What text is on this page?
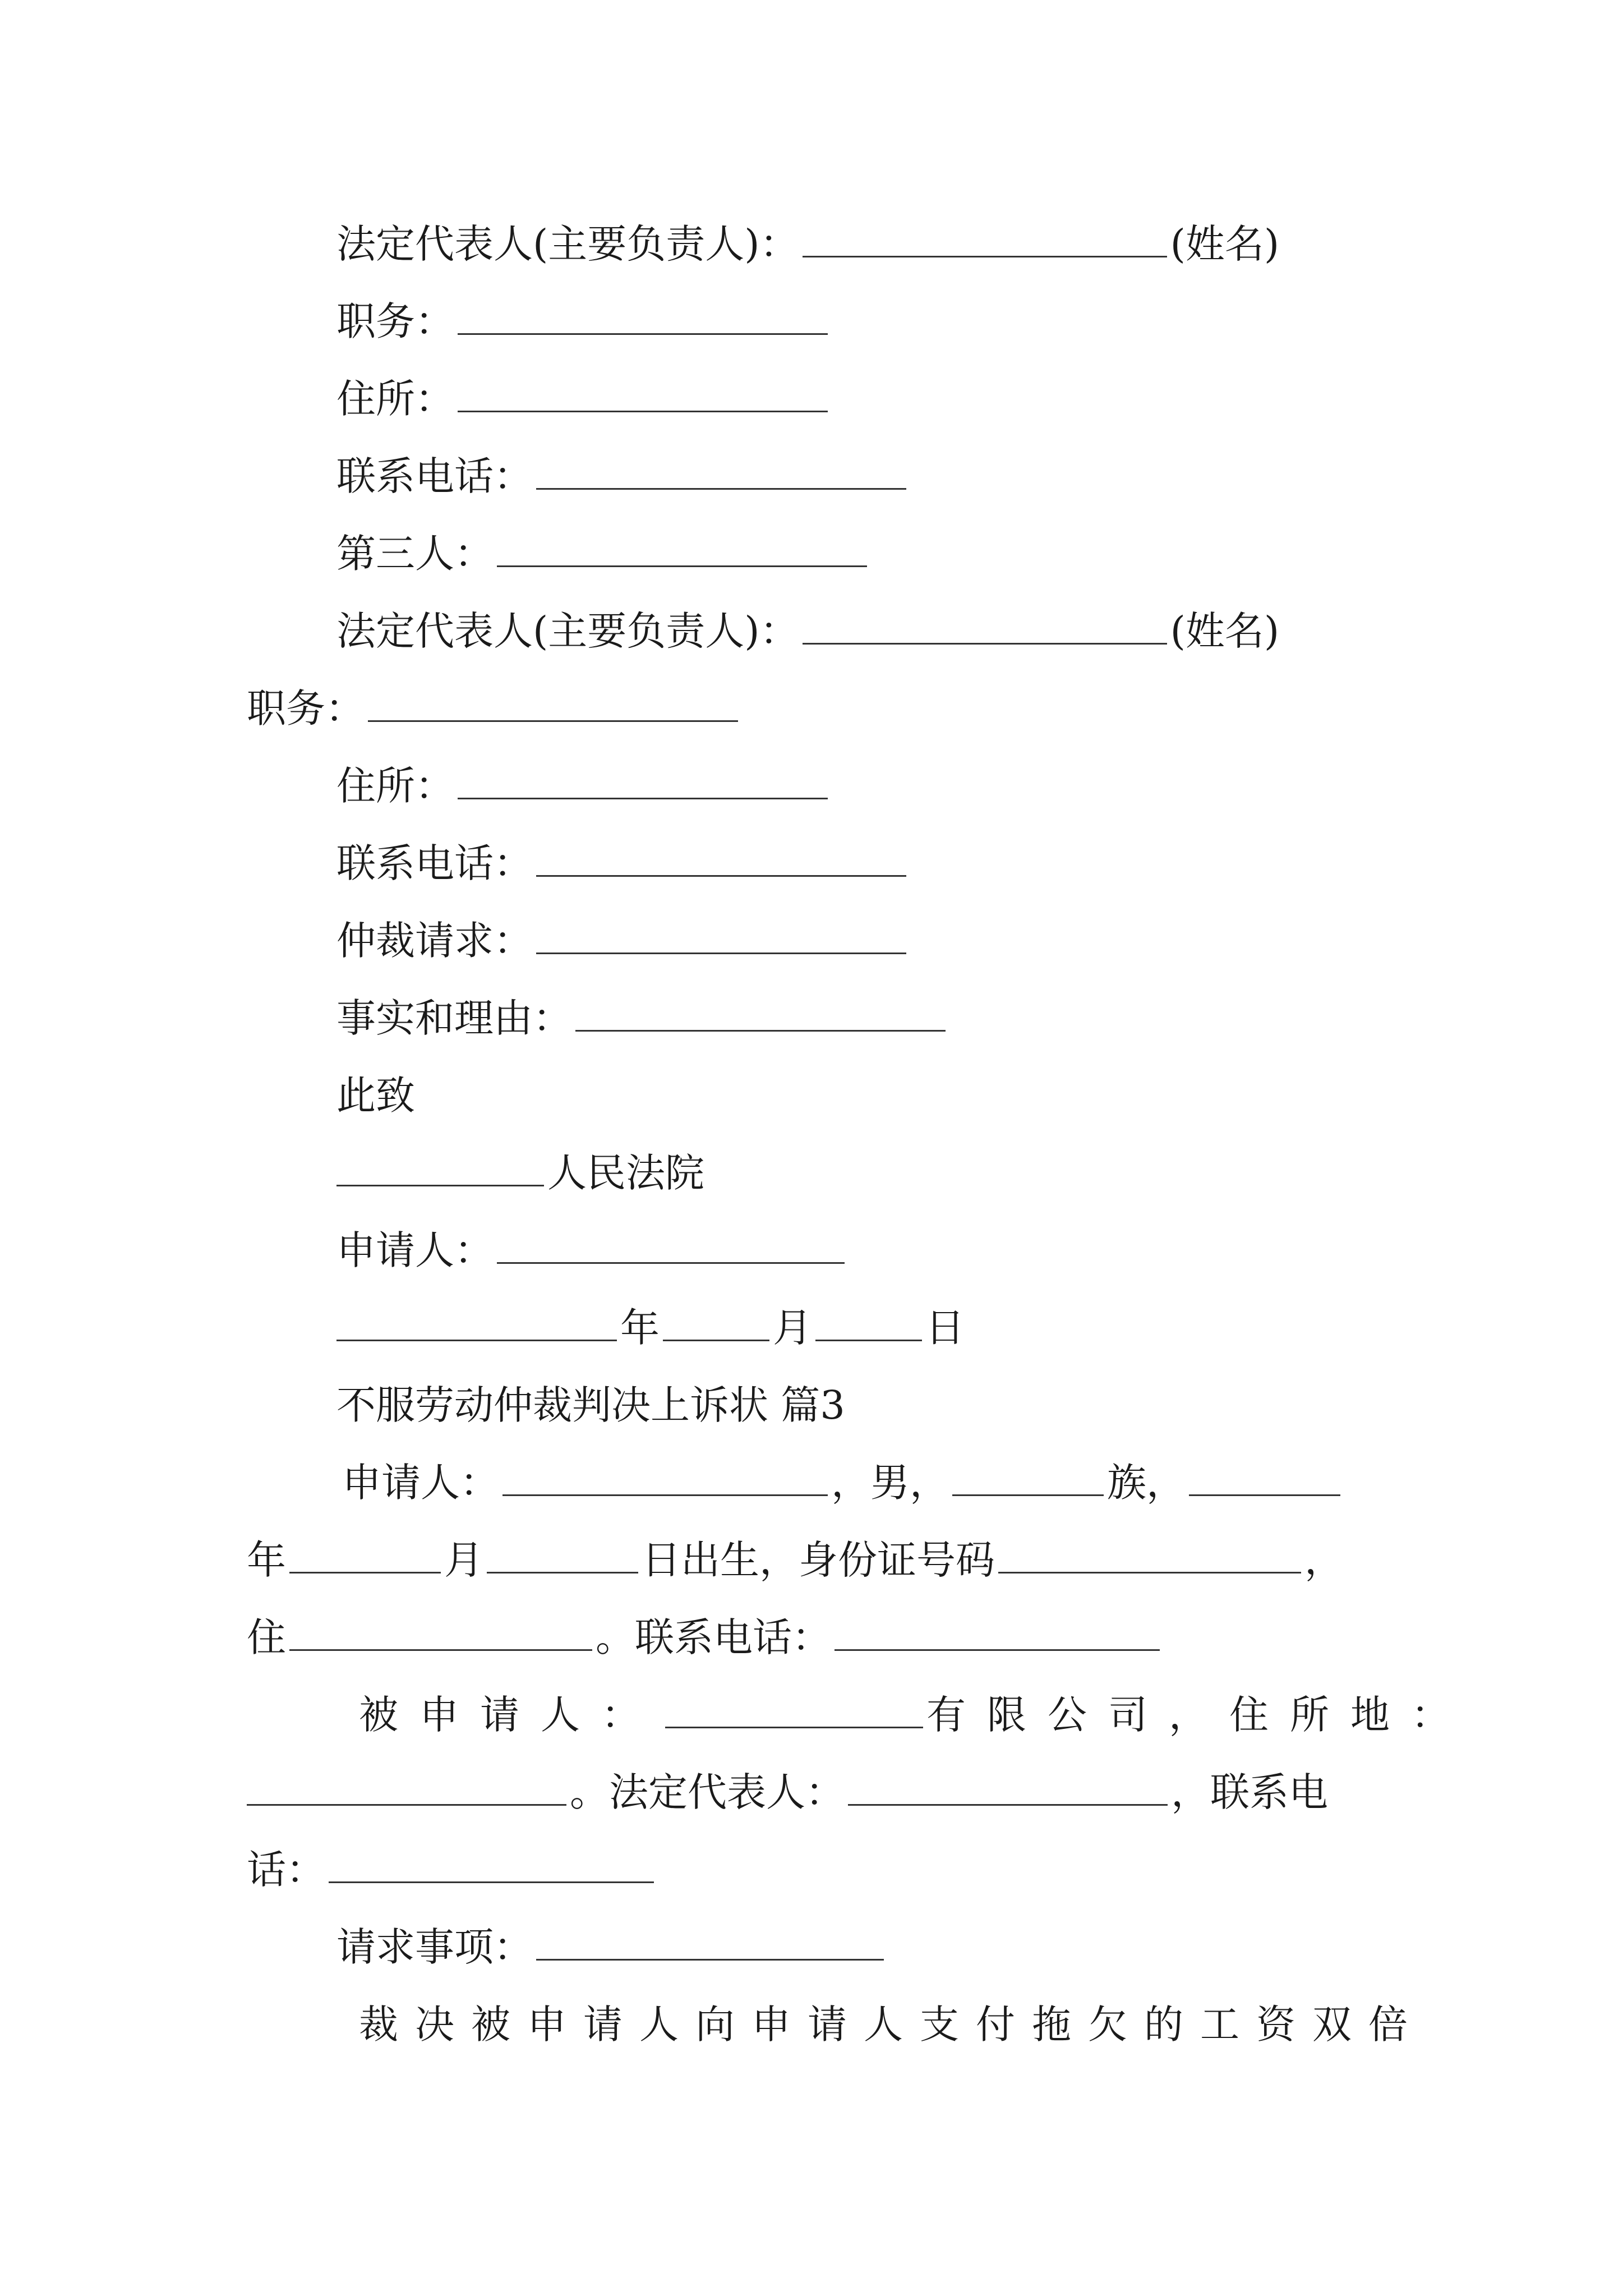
法定代表人(主要负责人)：	(姓名)
职务：
住所：
联系电话：
第三人：
法定代表人(主要负责人)：	(姓名)
职务：
住所：
联系电话：
仲裁请求：
事实和理由：
此致
人民法院
申请人：
年	月	日
不服劳动仲裁判决上诉状 篇3
申请人：	，男，	族，
年	月	日出生，身份证号码	，
住	。联系电话：
被申请人：	有限公司，住所地：
。法定代表人：	，联系电
话：
请求事项：
裁决被申请人向申请人支付拖欠的工资双倍
